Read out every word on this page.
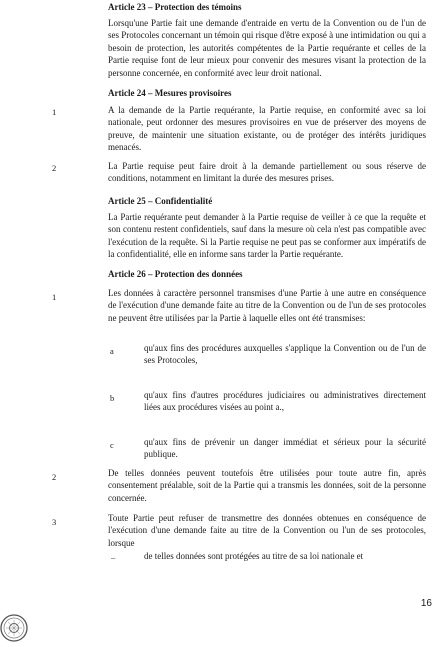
Article 23 – Protection des témoins

Lorsqu'une Partie fait une demande d'entraide en vertu de la Convention ou de l'un de ses Protocoles concernant un témoin qui risque d'être exposé à une intimidation ou qui a besoin de protection, les autorités compétentes de la Partie requérante et celles de la Partie requise font de leur mieux pour convenir des mesures visant la protection de la personne concernée, en conformité avec leur droit national.

Article 24 – Mesures provisoires
1	A la demande de la Partie requérante, la Partie requise, en conformité avec sa loi nationale, peut ordonner des mesures provisoires en vue de préserver des moyens de preuve, de maintenir une situation existante, ou de protéger des intérêts juridiques menacés.

2	La Partie requise peut faire droit à la demande partiellement ou sous réserve de conditions, notamment en limitant la durée des mesures prises.

Article 25 – Confidentialité

La Partie requérante peut demander à la Partie requise de veiller à ce que la requête et son contenu restent confidentiels, sauf dans la mesure où cela n'est pas compatible avec l'exécution de la requête. Si la Partie requise ne peut pas se conformer aux impératifs de la confidentialité, elle en informe sans tarder la Partie requérante.

Article 26 – Protection des données
1	Les données à caractère personnel transmises d'une Partie à une autre en conséquence de l'exécution d'une demande faite au titre de la Convention ou de l'un de ses protocoles ne peuvent être utilisées par la Partie à laquelle elles ont été transmises:

a	qu'aux fins des procédures auxquelles s'applique la Convention ou de l'un de ses Protocoles,

b	qu'aux fins d'autres procédures judiciaires ou administratives directement liées aux procédures visées au point a.,

c	qu'aux fins de prévenir un danger immédiat et sérieux pour la sécurité publique.

2	De telles données peuvent toutefois être utilisées pour toute autre fin, après consentement préalable, soit de la Partie qui a transmis les données, soit de la personne concernée.

3	Toute Partie peut refuser de transmettre des données obtenues en conséquence de l'exécution d'une demande faite au titre de la Convention ou l'un de ses protocoles, lorsque

–	de telles données sont protégées au titre de sa loi nationale et

16
